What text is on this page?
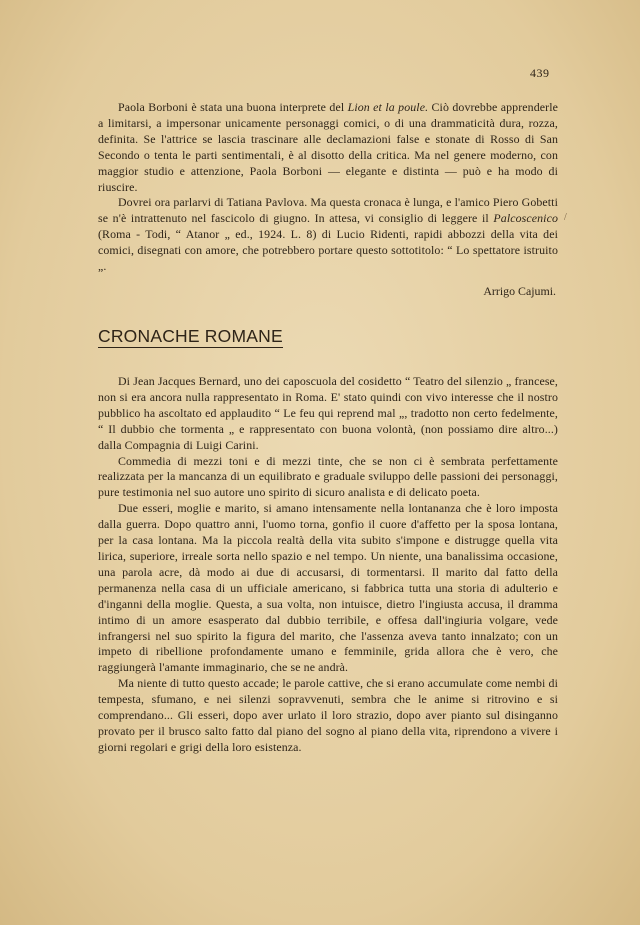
439
/

Paola Borboni è stata una buona interprete del Lion et la poule. Ciò dovrebbe apprenderle a limitarsi, a impersonar unicamente personaggi comici, o di una drammaticità dura, rozza, definita. Se l'attrice se lascia trascinare alle declamazioni false e stonate di Rosso di San Secondo o tenta le parti sentimentali, è al disotto della critica. Ma nel genere moderno, con maggior studio e attenzione, Paola Borboni — elegante e distinta — può e ha modo di riuscire.

Dovrei ora parlarvi di Tatiana Pavlova. Ma questa cronaca è lunga, e l'amico Piero Gobetti se n'è intrattenuto nel fascicolo di giugno. In attesa, vi consiglio di leggere il Palcoscenico (Roma - Todi, “ Atanor „ ed., 1924. L. 8) di Lucio Ridenti, rapidi abbozzi della vita dei comici, disegnati con amore, che potrebbero portare questo sottotitolo: “ Lo spettatore istruito „.

Arrigo Cajumi.
CRONACHE ROMANE

Di Jean Jacques Bernard, uno dei caposcuola del cosidetto “ Teatro del silenzio „ francese, non si era ancora nulla rappresentato in Roma. E' stato quindi con vivo interesse che il nostro pubblico ha ascoltato ed applaudito “ Le feu qui reprend mal „, tradotto non certo fedelmente, “ Il dubbio che tormenta „ e rappresentato con buona volontà, (non possiamo dire altro...) dalla Compagnia di Luigi Carini.

Commedia di mezzi toni e di mezzi tinte, che se non ci è sembrata perfettamente realizzata per la mancanza di un equilibrato e graduale sviluppo delle passioni dei personaggi, pure testimonia nel suo autore uno spirito di sicuro analista e di delicato poeta.

Due esseri, moglie e marito, si amano intensamente nella lontananza che è loro imposta dalla guerra. Dopo quattro anni, l'uomo torna, gonfio il cuore d'affetto per la sposa lontana, per la casa lontana. Ma la piccola realtà della vita subito s'impone e distrugge quella vita lirica, superiore, irreale sorta nello spazio e nel tempo. Un niente, una banalissima occasione, una parola acre, dà modo ai due di accusarsi, di tormentarsi. Il marito dal fatto della permanenza nella casa di un ufficiale americano, si fabbrica tutta una storia di adulterio e d'inganni della moglie. Questa, a sua volta, non intuisce, dietro l'ingiusta accusa, il dramma intimo di un amore esasperato dal dubbio terribile, e offesa dall'ingiuria volgare, vede infrangersi nel suo spirito la figura del marito, che l'assenza aveva tanto innalzato; con un impeto di ribellione profondamente umano e femminile, grida allora che è vero, che raggiungerà l'amante immaginario, che se ne andrà.

Ma niente di tutto questo accade; le parole cattive, che si erano accumulate come nembi di tempesta, sfumano, e nei silenzi sopravvenuti, sembra che le anime si ritrovino e si comprendano... Gli esseri, dopo aver urlato il loro strazio, dopo aver pianto sul disinganno provato per il brusco salto fatto dal piano del sogno al piano della vita, riprendono a vivere i giorni regolari e grigi della loro esistenza.
